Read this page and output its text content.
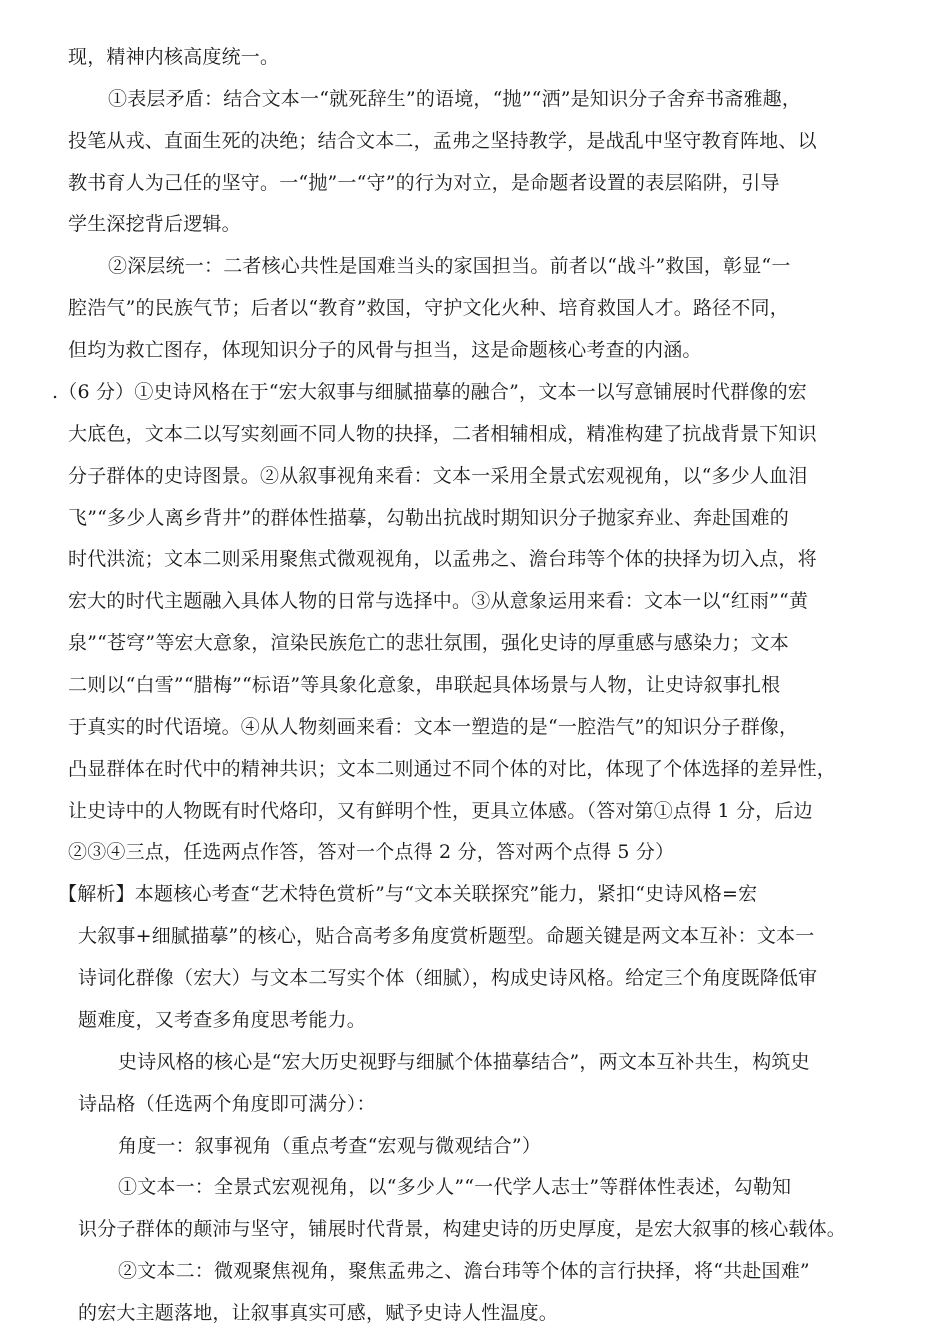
现，精神内核高度统一。
①表层矛盾：结合文本一“就死辞生”的语境，“抛”“洒”是知识分子舍弃书斋雅趣，
投笔从戎、直面生死的决绝；结合文本二，孟弗之坚持教学，是战乱中坚守教育阵地、以
教书育人为己任的坚守。一“抛”一“守”的行为对立，是命题者设置的表层陷阱，引导
学生深挖背后逻辑。
②深层统一：二者核心共性是国难当头的家国担当。前者以“战斗”救国，彰显“一
腔浩气”的民族气节；后者以“教育”救国，守护文化火种、培育救国人才。路径不同，
但均为救亡图存，体现知识分子的风骨与担当，这是命题核心考查的内涵。
.（6 分）①史诗风格在于“宏大叙事与细腻描摹的融合”，文本一以写意铺展时代群像的宏
大底色，文本二以写实刻画不同人物的抉择，二者相辅相成，精准构建了抗战背景下知识
分子群体的史诗图景。②从叙事视角来看：文本一采用全景式宏观视角，以“多少人血泪
飞”“多少人离乡背井”的群体性描摹，勾勒出抗战时期知识分子抛家弃业、奔赴国难的
时代洪流；文本二则采用聚焦式微观视角，以孟弗之、澹台玮等个体的抉择为切入点，将
宏大的时代主题融入具体人物的日常与选择中。③从意象运用来看：文本一以“红雨”“黄
泉”“苍穹”等宏大意象，渲染民族危亡的悲壮氛围，强化史诗的厚重感与感染力；文本
二则以“白雪”“腊梅”“标语”等具象化意象，串联起具体场景与人物，让史诗叙事扎根
于真实的时代语境。④从人物刻画来看：文本一塑造的是“一腔浩气”的知识分子群像，
凸显群体在时代中的精神共识；文本二则通过不同个体的对比，体现了个体选择的差异性，
让史诗中的人物既有时代烙印，又有鲜明个性，更具立体感。（答对第①点得 1 分，后边
②③④三点，任选两点作答，答对一个点得 2 分，答对两个点得 5 分）
【解析】本题核心考查“艺术特色赏析”与“文本关联探究”能力，紧扣“史诗风格=宏
大叙事+细腻描摹”的核心，贴合高考多角度赏析题型。命题关键是两文本互补：文本一
诗词化群像（宏大）与文本二写实个体（细腻），构成史诗风格。给定三个角度既降低审
题难度，又考查多角度思考能力。
史诗风格的核心是“宏大历史视野与细腻个体描摹结合”，两文本互补共生，构筑史
诗品格（任选两个角度即可满分）：
角度一：叙事视角（重点考查“宏观与微观结合”）
①文本一：全景式宏观视角，以“多少人”“一代学人志士”等群体性表述，勾勒知
识分子群体的颠沛与坚守，铺展时代背景，构建史诗的历史厚度，是宏大叙事的核心载体。
②文本二：微观聚焦视角，聚焦孟弗之、澹台玮等个体的言行抉择，将“共赴国难”
的宏大主题落地，让叙事真实可感，赋予史诗人性温度。
